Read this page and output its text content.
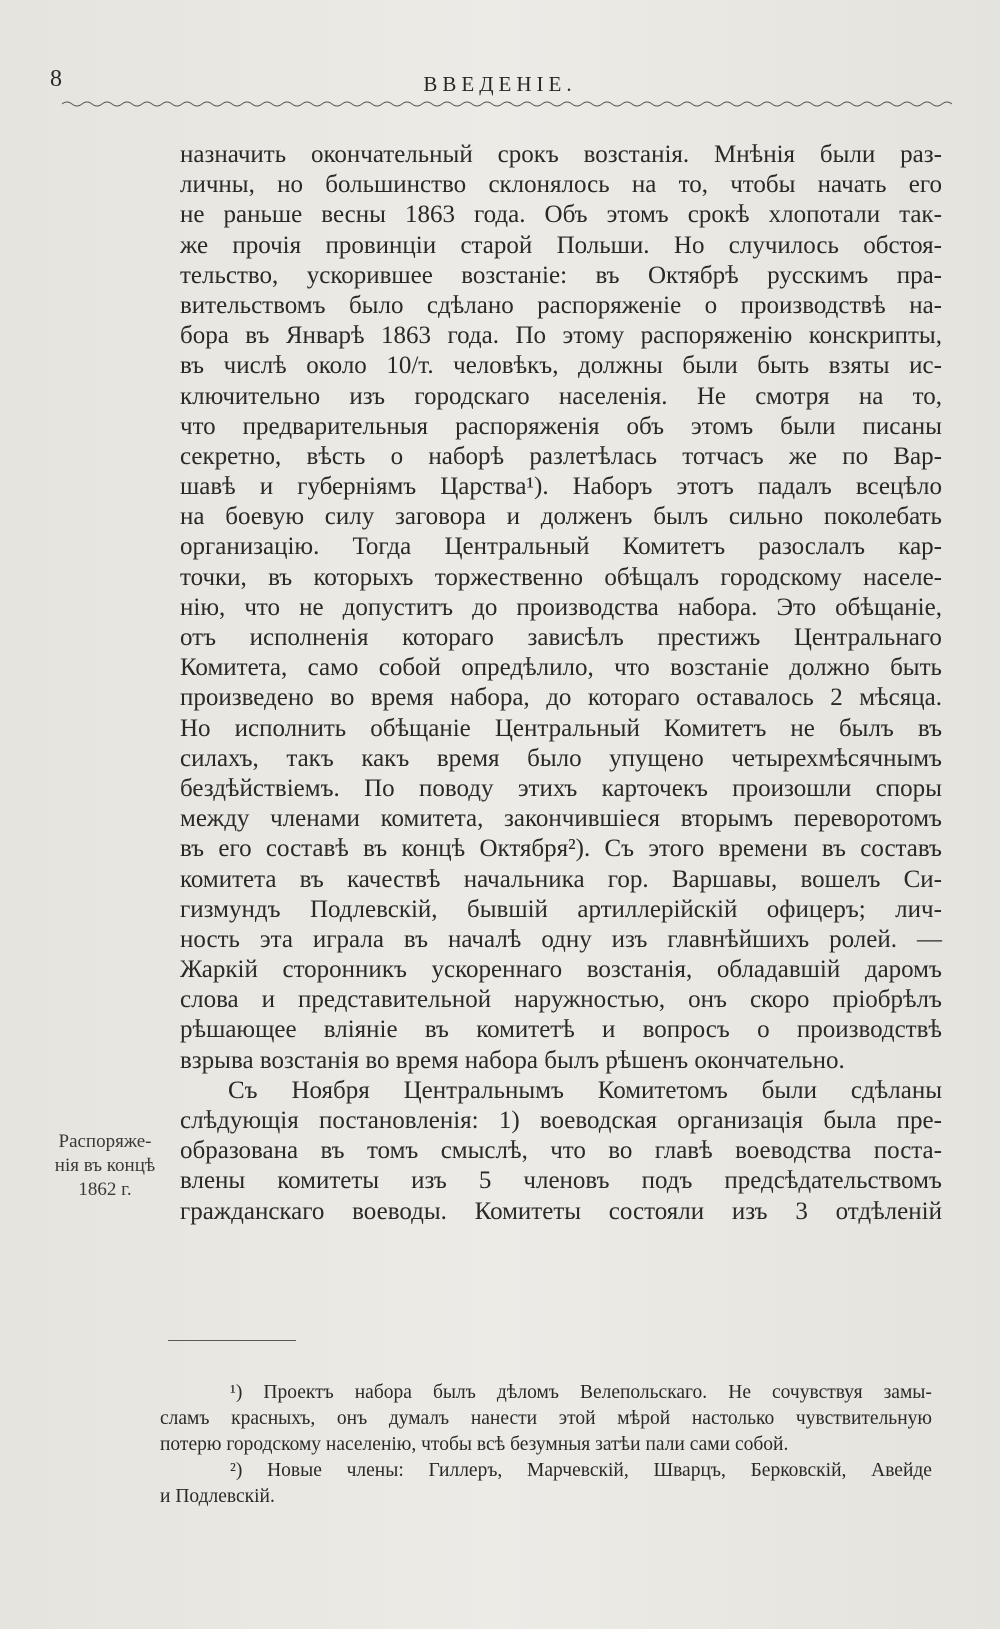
8	ВВЕДЕНІЕ.
назначить окончательный срокъ возстанія. Мнѣнія были раз-
личны, но большинство склонялось на то, чтобы начать его
не раньше весны 1863 года. Объ этомъ срокѣ хлопотали так-
же прочія провинціи старой Польши. Но случилось обстоя-
тельство, ускорившее возстаніе: въ Октябрѣ русскимъ пра-
вительствомъ было сдѣлано распоряженіе о производствѣ на-
бора въ Январѣ 1863 года. По этому распоряженію конскрипты,
въ числѣ около 10/т. человѣкъ, должны были быть взяты ис-
ключительно изъ городскаго населенія. Не смотря на то,
что предварительныя распоряженія объ этомъ были писаны
секретно, вѣсть о наборѣ разлетѣлась тотчасъ же по Вар-
шавѣ и губерніямъ Царства¹). Наборъ этотъ падалъ всецѣло
на боевую силу заговора и долженъ былъ сильно поколебать
организацію. Тогда Центральный Комитетъ разослалъ кар-
точки, въ которыхъ торжественно обѣщалъ городскому населе-
нію, что не допуститъ до производства набора. Это обѣщаніе,
отъ исполненія котораго зависѣлъ престижъ Центральнаго
Комитета, само собой опредѣлило, что возстаніе должно быть
произведено во время набора, до котораго оставалось 2 мѣсяца.
Но исполнить обѣщаніе Центральный Комитетъ не былъ въ
силахъ, такъ какъ время было упущено четырехмѣсячнымъ
бездѣйствіемъ. По поводу этихъ карточекъ произошли споры
между членами комитета, закончившіеся вторымъ переворотомъ
въ его составѣ въ концѣ Октября²). Съ этого времени въ составъ
комитета въ качествѣ начальника гор. Варшавы, вошелъ Си-
гизмундъ Подлевскій, бывшій артиллерійскій офицеръ; лич-
ность эта играла въ началѣ одну изъ главнѣйшихъ ролей. —
Жаркій сторонникъ ускореннаго возстанія, обладавшій даромъ
слова и представительной наружностью, онъ скоро пріобрѣлъ
рѣшающее вліяніе въ комитетѣ и вопросъ о производствѣ
взрыва возстанія во время набора былъ рѣшенъ окончательно.
Съ Ноября Центральнымъ Комитетомъ были сдѣланы
слѣдующія постановленія: 1) воеводская организація была пре-
образована въ томъ смыслѣ, что во главѣ воеводства поста-
влены комитеты изъ 5 членовъ подъ предсѣдательствомъ
гражданскаго воеводы. Комитеты состояли изъ 3 отдѣленій
Распоряже-
нія въ концѣ
1862 г.
¹) Проектъ набора былъ дѣломъ Велепольскаго. Не сочувствуя замы-
сламъ красныхъ, онъ думалъ нанести этой мѣрой настолько чувствительную
потерю городскому населенію, чтобы всѣ безумныя затѣи пали сами собой.
²) Новые члены: Гиллеръ, Марчевскій, Шварцъ, Берковскій, Авейде
и Подлевскій.
